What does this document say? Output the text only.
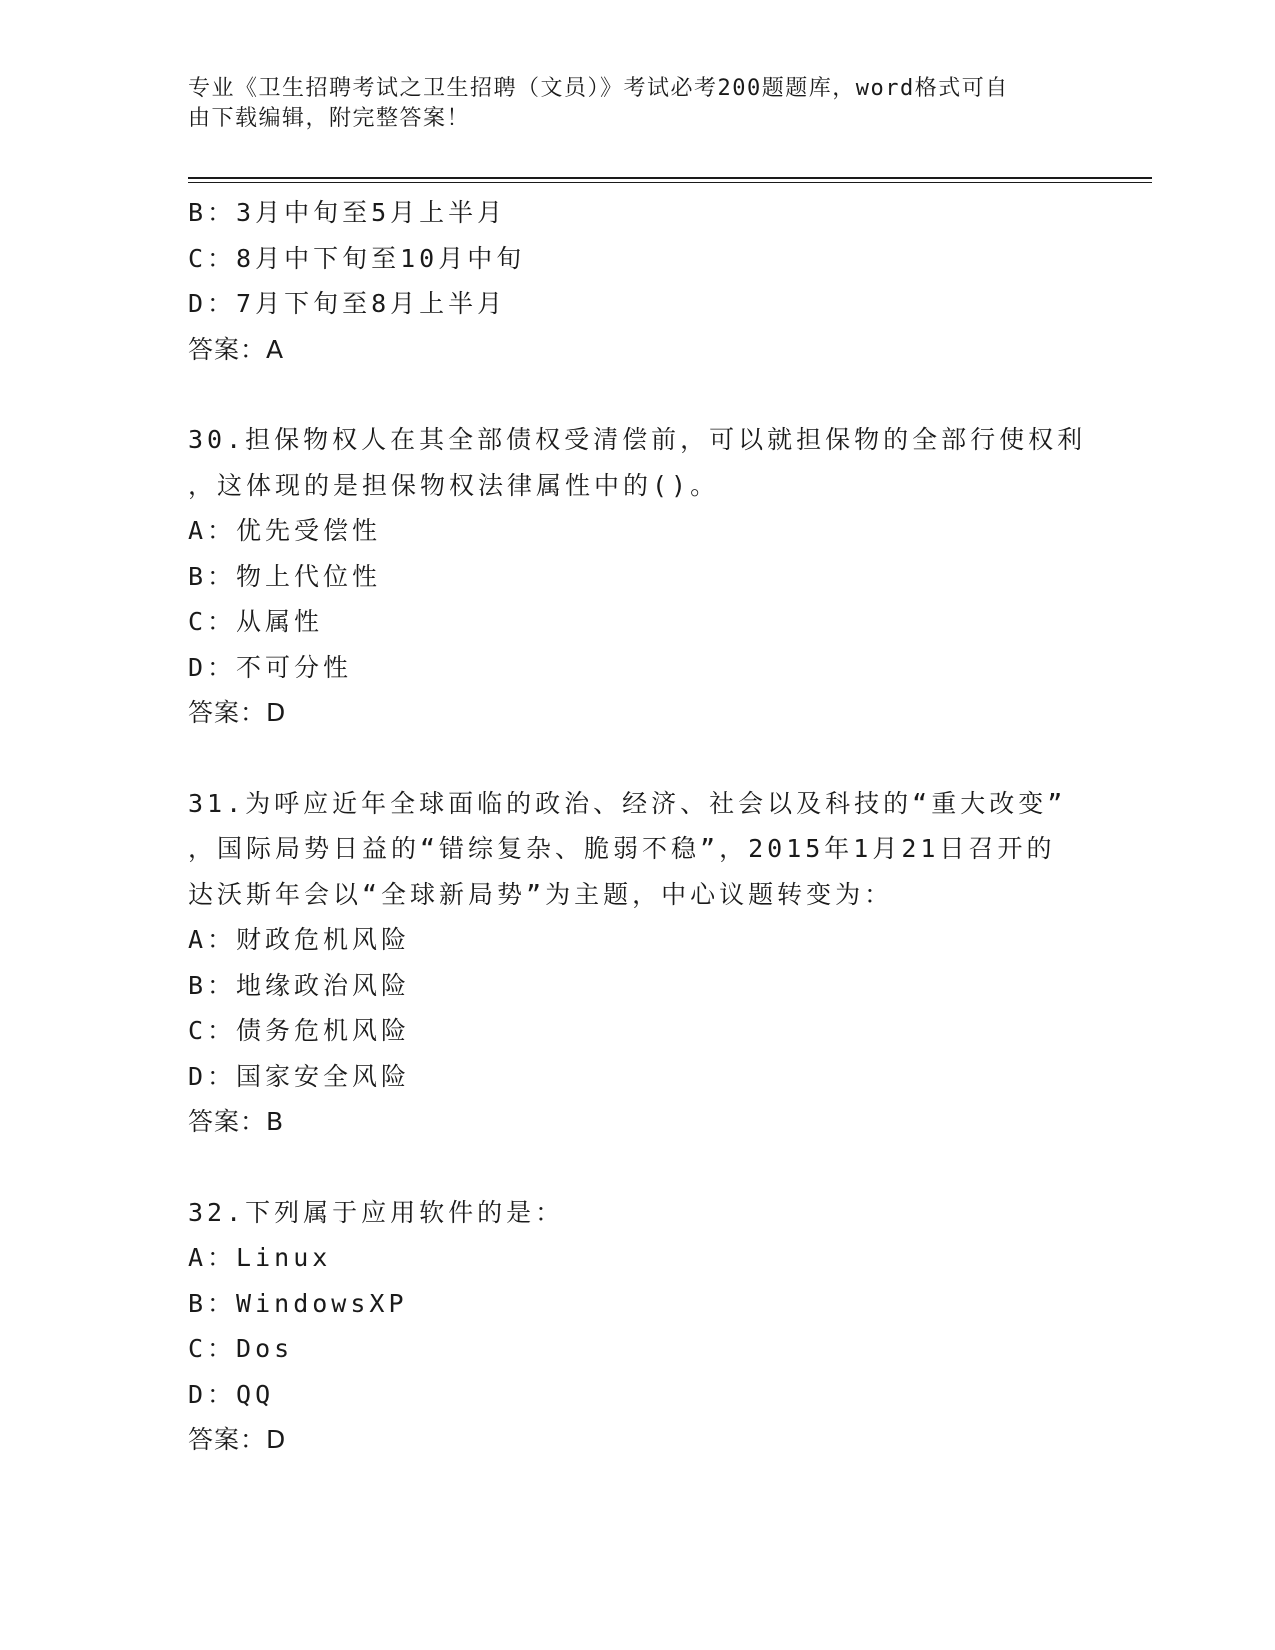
专业《卫生招聘考试之卫生招聘（文员）》考试必考200题题库，word格式可自
由下载编辑，附完整答案！
B：3月中旬至5月上半月
C：8月中下旬至10月中旬
D：7月下旬至8月上半月
答案：A
30.担保物权人在其全部债权受清偿前，可以就担保物的全部行使权利
，这体现的是担保物权法律属性中的()。
A：优先受偿性
B：物上代位性
C：从属性
D：不可分性
答案：D
31.为呼应近年全球面临的政治、经济、社会以及科技的“重大改变”
，国际局势日益的“错综复杂、脆弱不稳”，2015年1月21日召开的
达沃斯年会以“全球新局势”为主题，中心议题转变为：
A：财政危机风险
B：地缘政治风险
C：债务危机风险
D：国家安全风险
答案：B
32.下列属于应用软件的是：
A：Linux
B：WindowsXP
C：Dos
D：QQ
答案：D
